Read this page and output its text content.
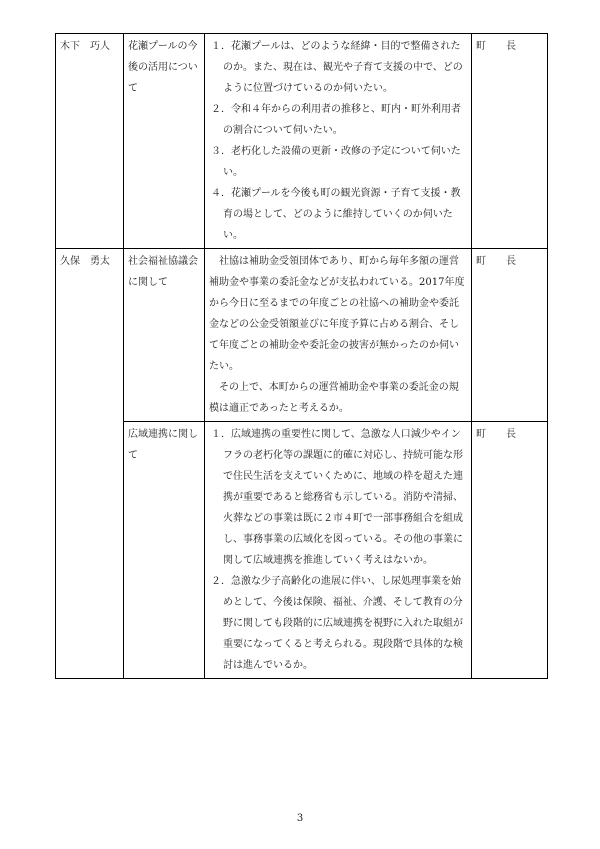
木下　巧人	花瀬プールの今後の活用について	１．花瀬プールは、どのような経緯・目的で整備されたのか。また、現在は、観光や子育て支援の中で、どのように位置づけているのか伺いたい。

２．令和４年からの利用者の推移と、町内・町外利用者の割合について伺いたい。

３．老朽化した設備の更新・改修の予定について伺いたい。

４．花瀬プールを今後も町の観光資源・子育て支援・教育の場として、どのように維持していくのか伺いたい。	町　　長
久保　勇太	社会福祉協議会に関して	社協は補助金受領団体であり、町から毎年多額の運営補助金や事業の委託金などが支払われている。2017年度から今日に至るまでの年度ごとの社協への補助金や委託金などの公金受領額並びに年度予算に占める割合、そして年度ごとの補助金や委託金の披害が無かったのか伺いたい。

その上で、本町からの運営補助金や事業の委託金の規模は適正であったと考えるか。	町　　長
	広域連携に関して	１．広域連携の重要性に関して、急激な人口減少やインフラの老朽化等の課題に的確に対応し、持続可能な形で住民生活を支えていくために、地域の枠を超えた連携が重要であると総務省も示している。消防や清掃、火葬などの事業は既に２市４町で一部事務組合を組成し、事務事業の広域化を図っている。その他の事業に関して広域連携を推進していく考えはないか。

２．急激な少子高齢化の進展に伴い、し尿処理事業を始めとして、今後は保険、福祉、介護、そして教育の分野に関しても段階的に広域連携を視野に入れた取組が重要になってくると考えられる。現段階で具体的な検討は進んでいるか。	町　　長
3
